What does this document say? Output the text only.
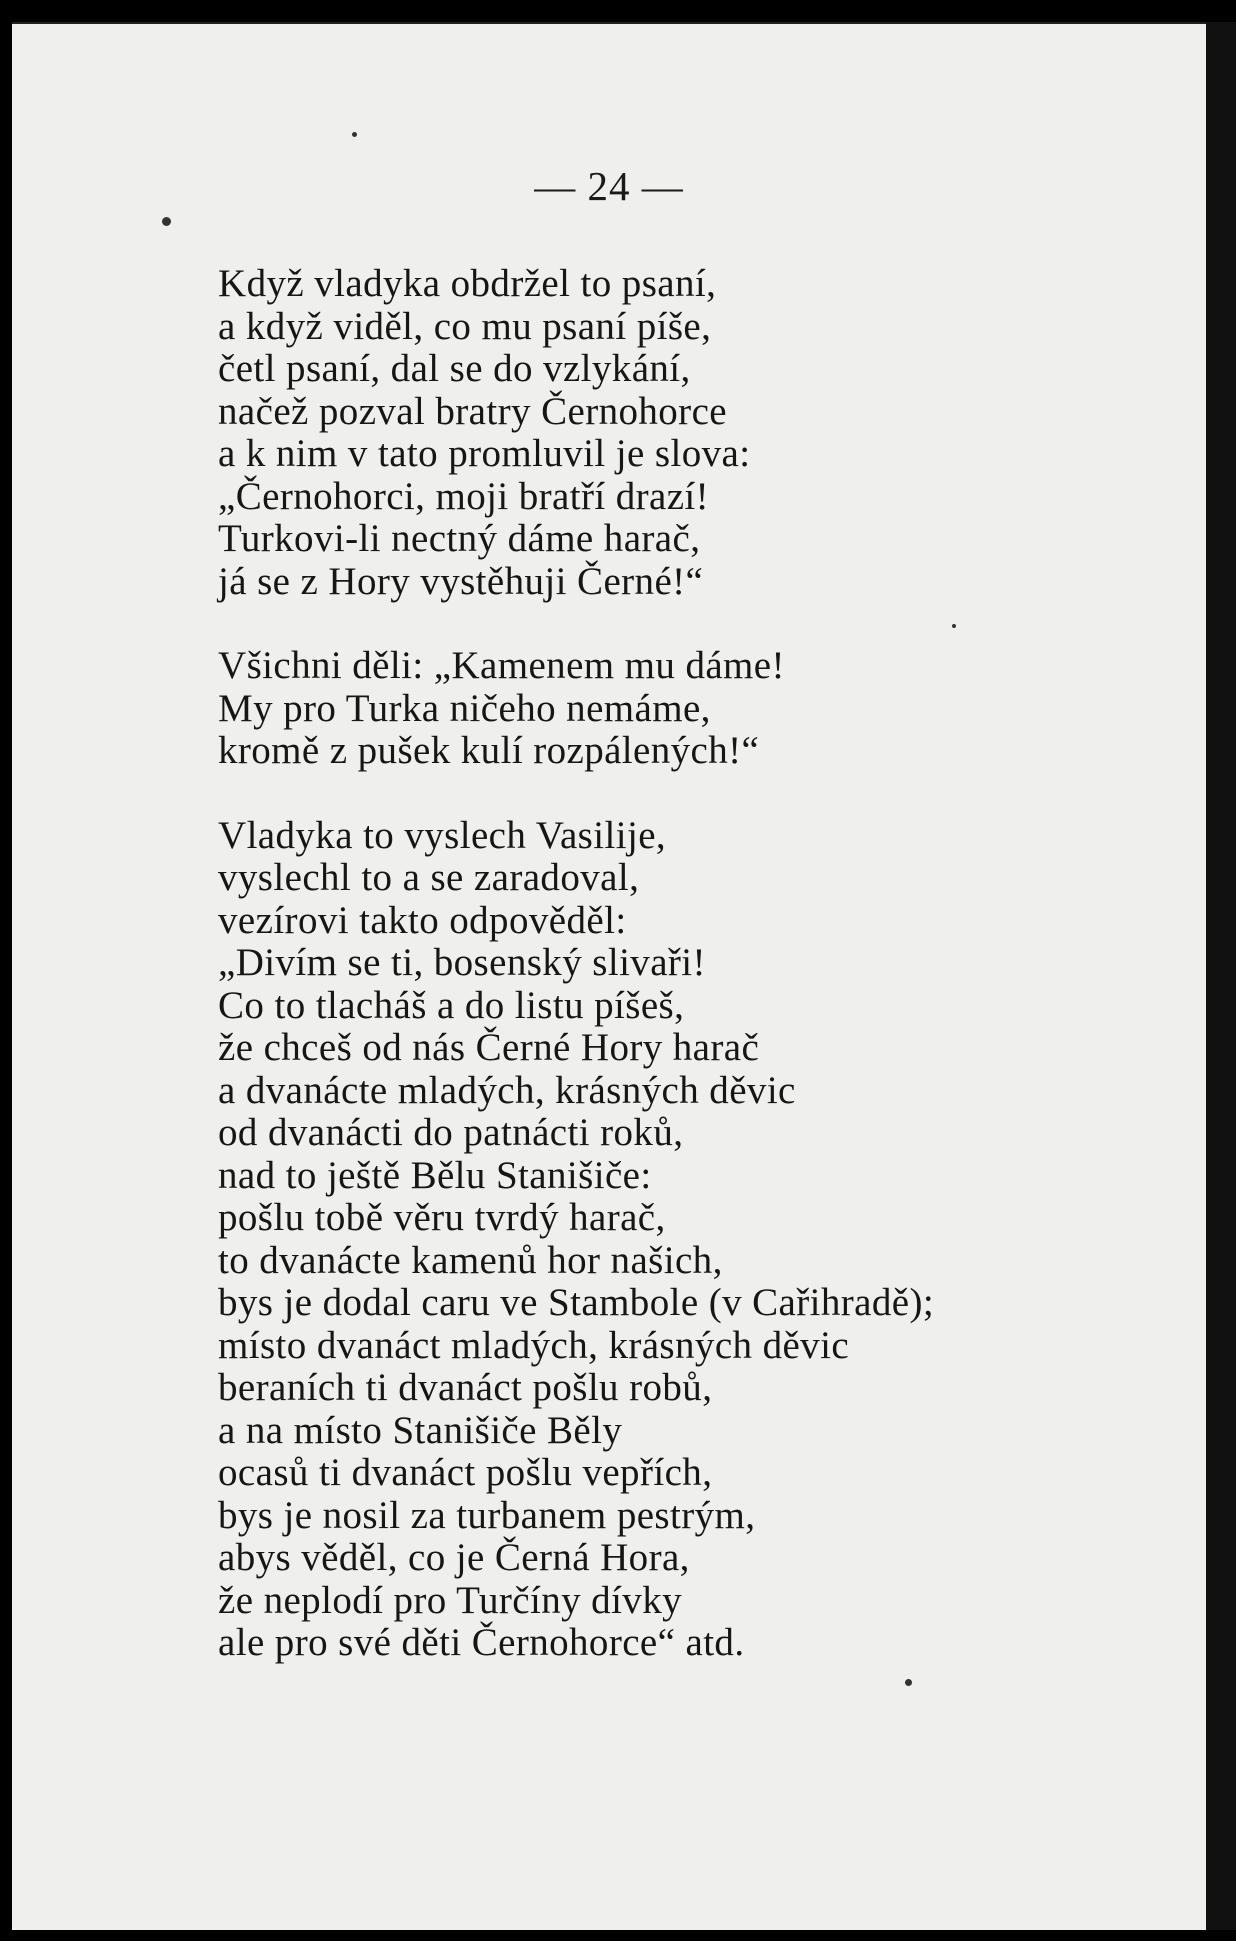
— 24 —
Když vladyka obdržel to psaní,
a když viděl, co mu psaní píše,
četl psaní, dal se do vzlykání,
načež pozval bratry Černohorce
a k nim v tato promluvil je slova:
„Černohorci, moji bratří drazí!
Turkovi-li nectný dáme harač,
já se z Hory vystěhuji Černé!“
Všichni děli: „Kamenem mu dáme!
My pro Turka ničeho nemáme,
kromě z pušek kulí rozpálených!“
Vladyka to vyslech Vasilije,
vyslechl to a se zaradoval,
vezírovi takto odpověděl:
„Divím se ti, bosenský slivaři!
Co to tlacháš a do listu píšeš,
že chceš od nás Černé Hory harač
a dvanácte mladých, krásných děvic
od dvanácti do patnácti roků,
nad to ještě Bělu Stanišiče:
pošlu tobě věru tvrdý harač,
to dvanácte kamenů hor našich,
bys je dodal caru ve Stambole (v Cařihradě);
místo dvanáct mladých, krásných děvic
beraních ti dvanáct pošlu robů,
a na místo Stanišiče Běly
ocasů ti dvanáct pošlu vepřích,
bys je nosil za turbanem pestrým,
abys věděl, co je Černá Hora,
že neplodí pro Turčíny dívky
ale pro své děti Černohorce“ atd.
